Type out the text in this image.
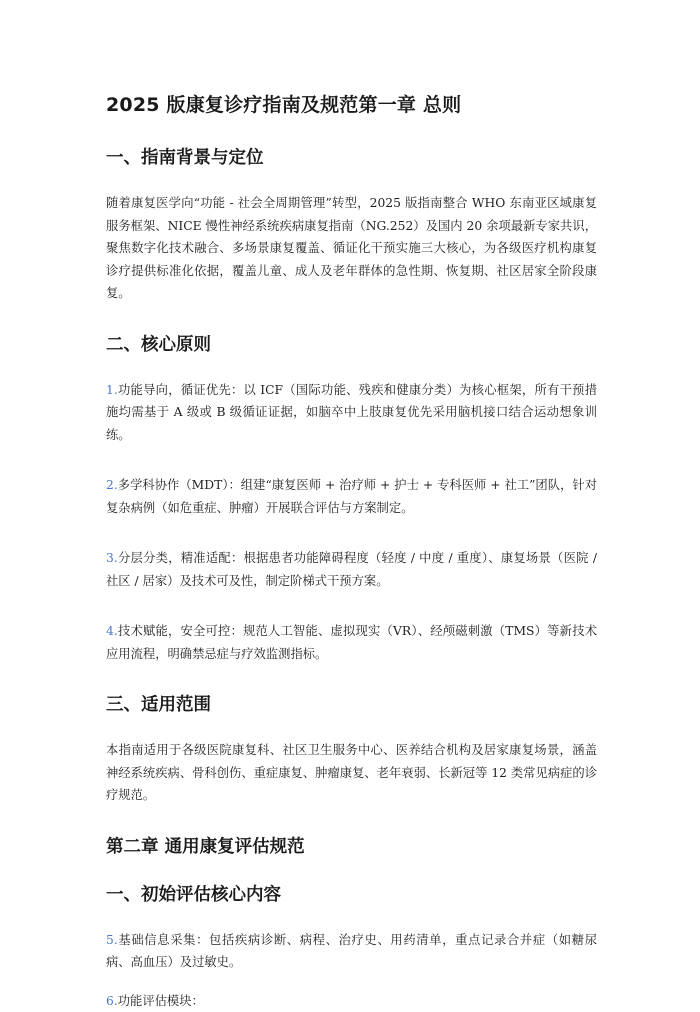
2025 版康复诊疗指南及规范第一章 总则
一、指南背景与定位

随着康复医学向“功能 - 社会全周期管理”转型，2025 版指南整合 WHO 东南亚区域康复服务框架、NICE 慢性神经系统疾病康复指南（NG.252）及国内 20 余项最新专家共识，聚焦数字化技术融合、多场景康复覆盖、循证化干预实施三大核心，为各级医疗机构康复诊疗提供标准化依据，覆盖儿童、成人及老年群体的急性期、恢复期、社区居家全阶段康复。

二、核心原则

1.功能导向，循证优先：以 ICF（国际功能、残疾和健康分类）为核心框架，所有干预措施均需基于 A 级或 B 级循证证据，如脑卒中上肢康复优先采用脑机接口结合运动想象训练。

2.多学科协作（MDT）：组建“康复医师 + 治疗师 + 护士 + 专科医师 + 社工”团队，针对复杂病例（如危重症、肿瘤）开展联合评估与方案制定。

3.分层分类，精准适配：根据患者功能障碍程度（轻度 / 中度 / 重度）、康复场景（医院 / 社区 / 居家）及技术可及性，制定阶梯式干预方案。

4.技术赋能，安全可控：规范人工智能、虚拟现实（VR）、经颅磁刺激（TMS）等新技术应用流程，明确禁忌症与疗效监测指标。

三、适用范围

本指南适用于各级医院康复科、社区卫生服务中心、医养结合机构及居家康复场景，涵盖神经系统疾病、骨科创伤、重症康复、肿瘤康复、老年衰弱、长新冠等 12 类常见病症的诊疗规范。

第二章 通用康复评估规范
一、初始评估核心内容

5.基础信息采集：包括疾病诊断、病程、治疗史、用药清单，重点记录合并症（如糖尿病、高血压）及过敏史。

6.功能评估模块：
